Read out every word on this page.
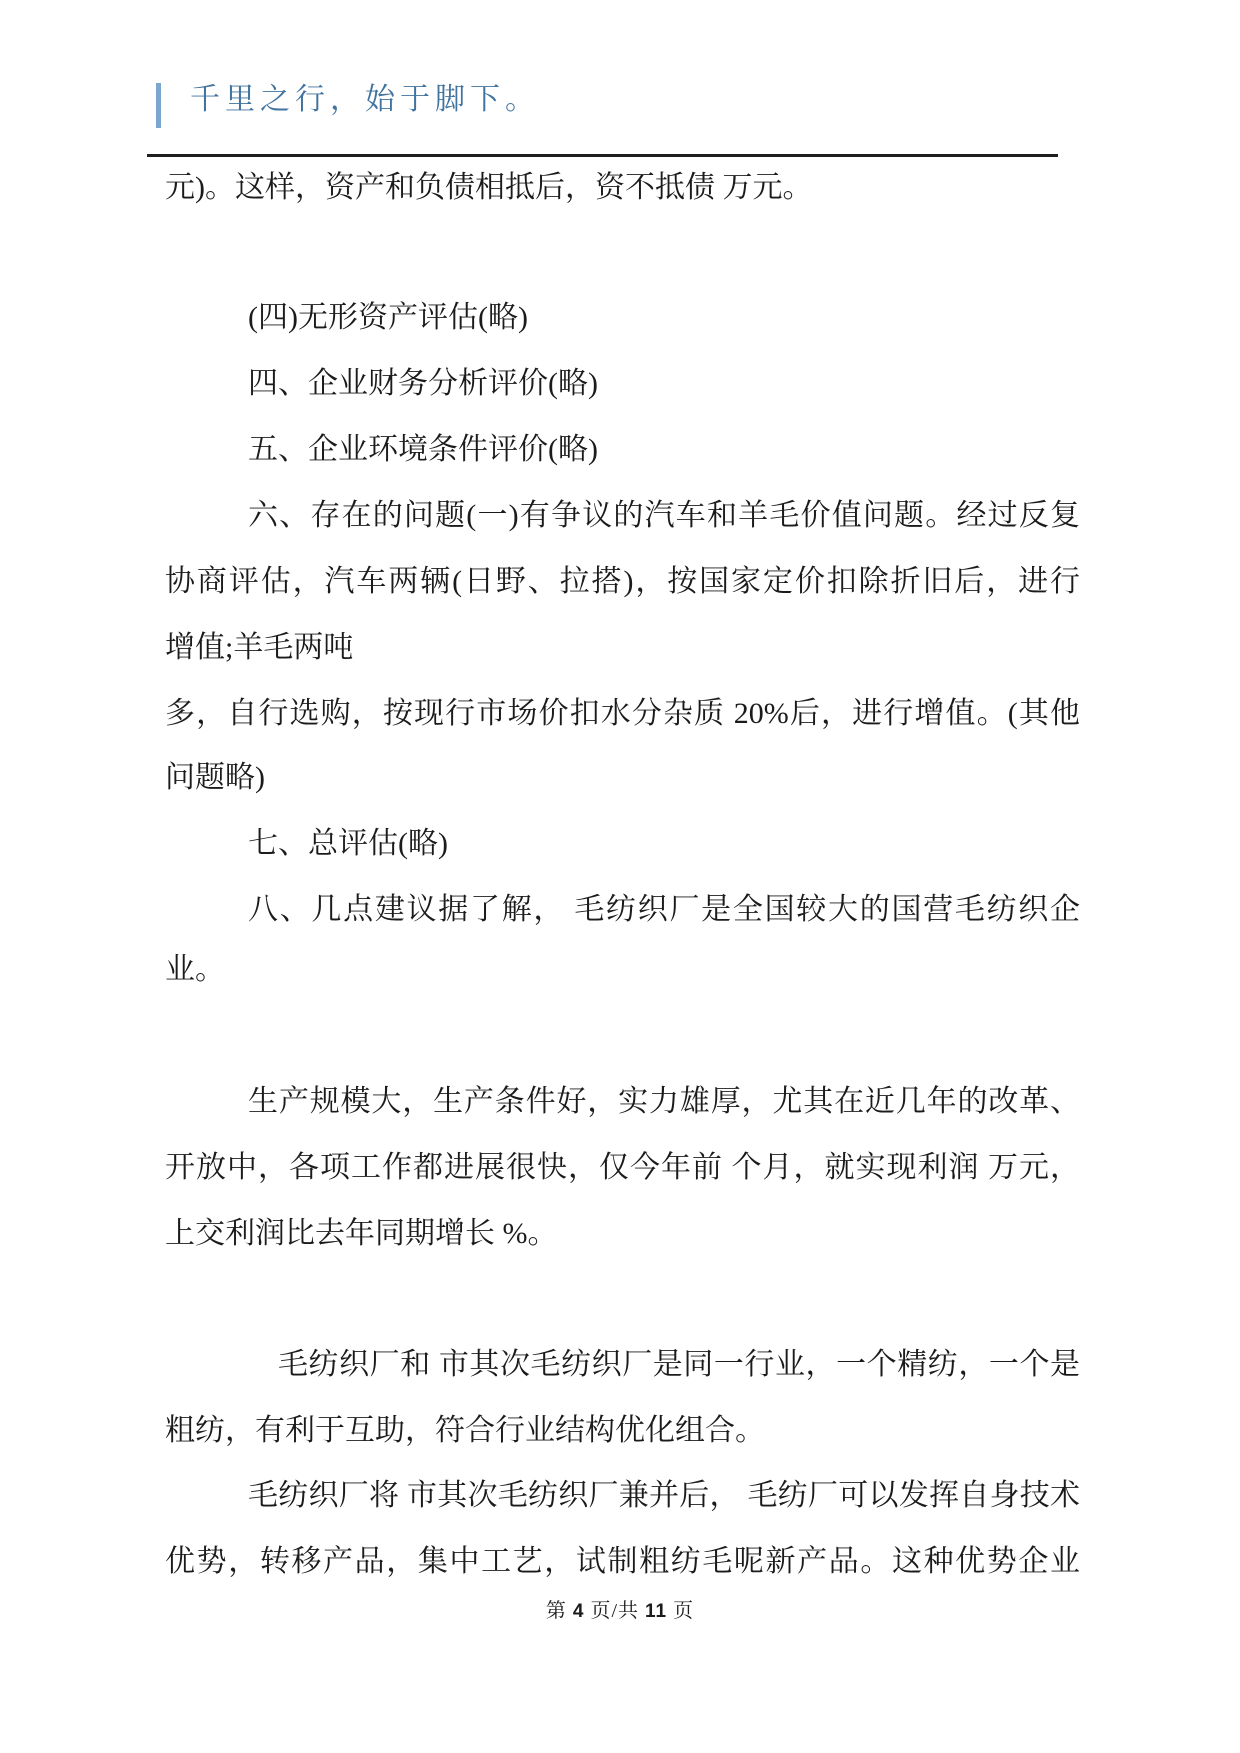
千里之行，始于脚下。
元)。这样，资产和负债相抵后，资不抵债 万元。
(四)无形资产评估(略)
四、企业财务分析评价(略)
五、企业环境条件评价(略)
六、存在的问题(一)有争议的汽车和羊毛价值问题。经过反复
协商评估，汽车两辆(日野、拉搭)，按国家定价扣除折旧后，进行
增值;羊毛两吨
多，自行选购，按现行市场价扣水分杂质 20%后，进行增值。(其他
问题略)
七、总评估(略)
八、几点建议据了解， 毛纺织厂是全国较大的国营毛纺织企
业。
生产规模大，生产条件好，实力雄厚，尤其在近几年的改革、
开放中，各项工作都进展很快，仅今年前 个月，就实现利润 万元，
上交利润比去年同期增长 %。
毛纺织厂和 市其次毛纺织厂是同一行业，一个精纺，一个是
粗纺，有利于互助，符合行业结构优化组合。
毛纺织厂将 市其次毛纺织厂兼并后， 毛纺厂可以发挥自身技术
优势，转移产品，集中工艺，试制粗纺毛呢新产品。这种优势企业
第 4 页/共 11 页
